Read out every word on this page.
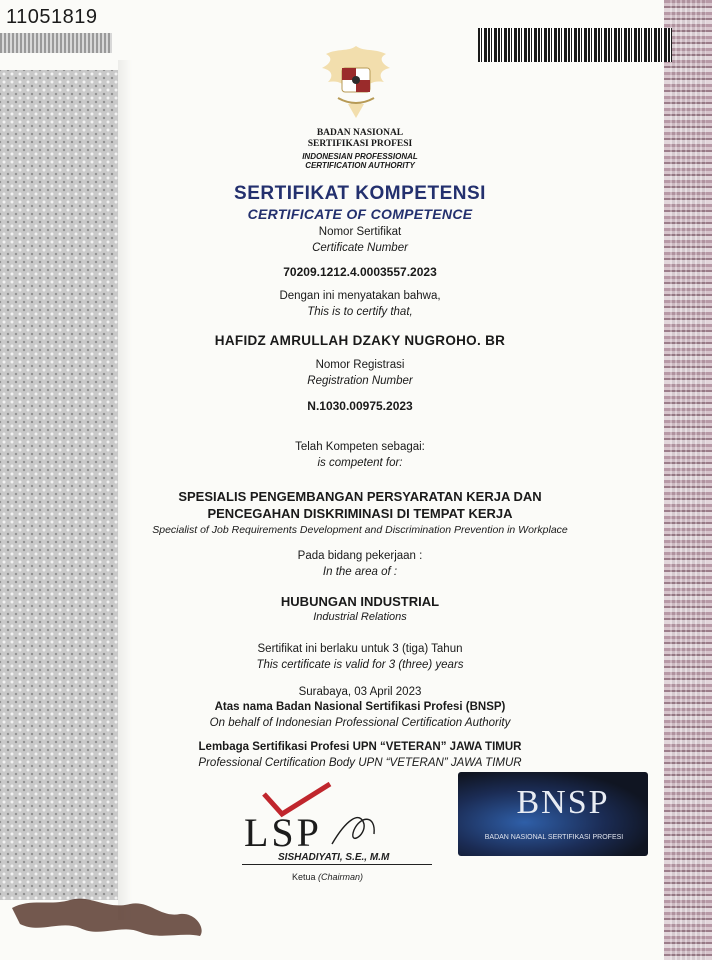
11051819
BADAN NASIONAL
SERTIFIKASI PROFESI
INDONESIAN PROFESSIONAL
CERTIFICATION AUTHORITY
SERTIFIKAT KOMPETENSI
CERTIFICATE OF COMPETENCE
Nomor Sertifikat
Certificate Number
70209.1212.4.0003557.2023
Dengan ini menyatakan bahwa,
This is to certify that,
HAFIDZ AMRULLAH DZAKY NUGROHO. BR
Nomor Registrasi
Registration Number
N.1030.00975.2023
Telah Kompeten sebagai:
is competent for:
SPESIALIS PENGEMBANGAN PERSYARATAN KERJA DAN
PENCEGAHAN DISKRIMINASI DI TEMPAT KERJA
Specialist of Job Requirements Development and Discrimination Prevention in Workplace
Pada bidang pekerjaan :
In the area of :
HUBUNGAN INDUSTRIAL
Industrial Relations
Sertifikat ini berlaku untuk 3 (tiga) Tahun
This certificate is valid for 3 (three) years
Surabaya, 03 April 2023
Atas nama Badan Nasional Sertifikasi Profesi (BNSP)
On behalf of Indonesian Professional Certification Authority
Lembaga Sertifikasi Profesi UPN “VETERAN” JAWA TIMUR
Professional Certification Body UPN “VETERAN” JAWA TIMUR
LSP
SISHADIYATI, S.E., M.M
Ketua (Chairman)
BNSP
BADAN NASIONAL SERTIFIKASI PROFESI
